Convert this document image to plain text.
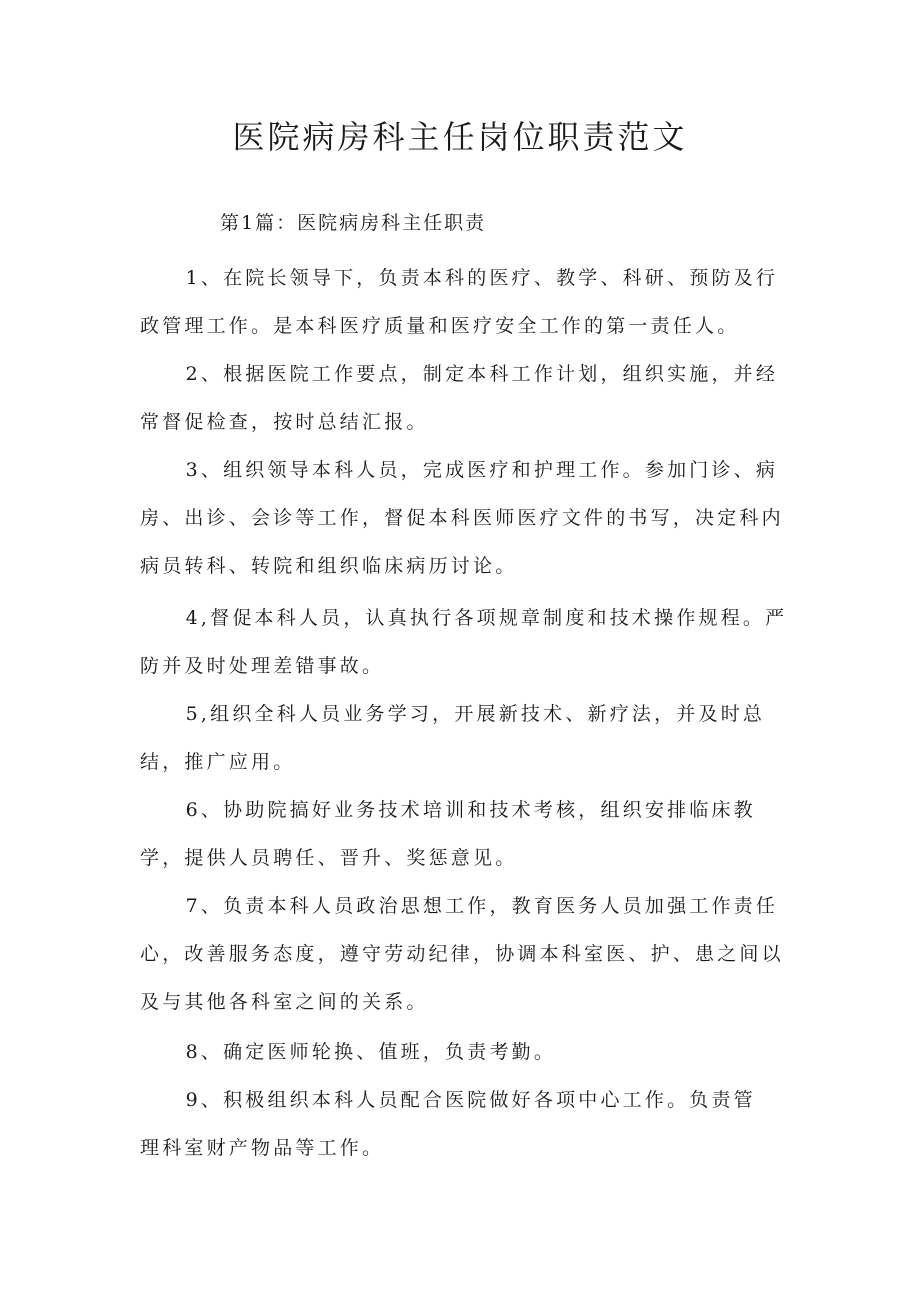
医院病房科主任岗位职责范文

第1篇：医院病房科主任职责

1、在院长领导下，负责本科的医疗、教学、科研、预防及行政管理工作。是本科医疗质量和医疗安全工作的第一责任人。

2、根据医院工作要点，制定本科工作计划，组织实施，并经常督促检查，按时总结汇报。

3、组织领导本科人员，完成医疗和护理工作。参加门诊、病房、出诊、会诊等工作，督促本科医师医疗文件的书写，决定科内病员转科、转院和组织临床病历讨论。

4,督促本科人员，认真执行各项规章制度和技术操作规程。严防并及时处理差错事故。

5,组织全科人员业务学习，开展新技术、新疗法，并及时总结，推广应用。

6、协助院搞好业务技术培训和技术考核，组织安排临床教学，提供人员聘任、晋升、奖惩意见。

7、负责本科人员政治思想工作，教育医务人员加强工作责任心，改善服务态度，遵守劳动纪律，协调本科室医、护、患之间以及与其他各科室之间的关系。

8、确定医师轮换、值班，负责考勤。

9、积极组织本科人员配合医院做好各项中心工作。负责管理科室财产物品等工作。
